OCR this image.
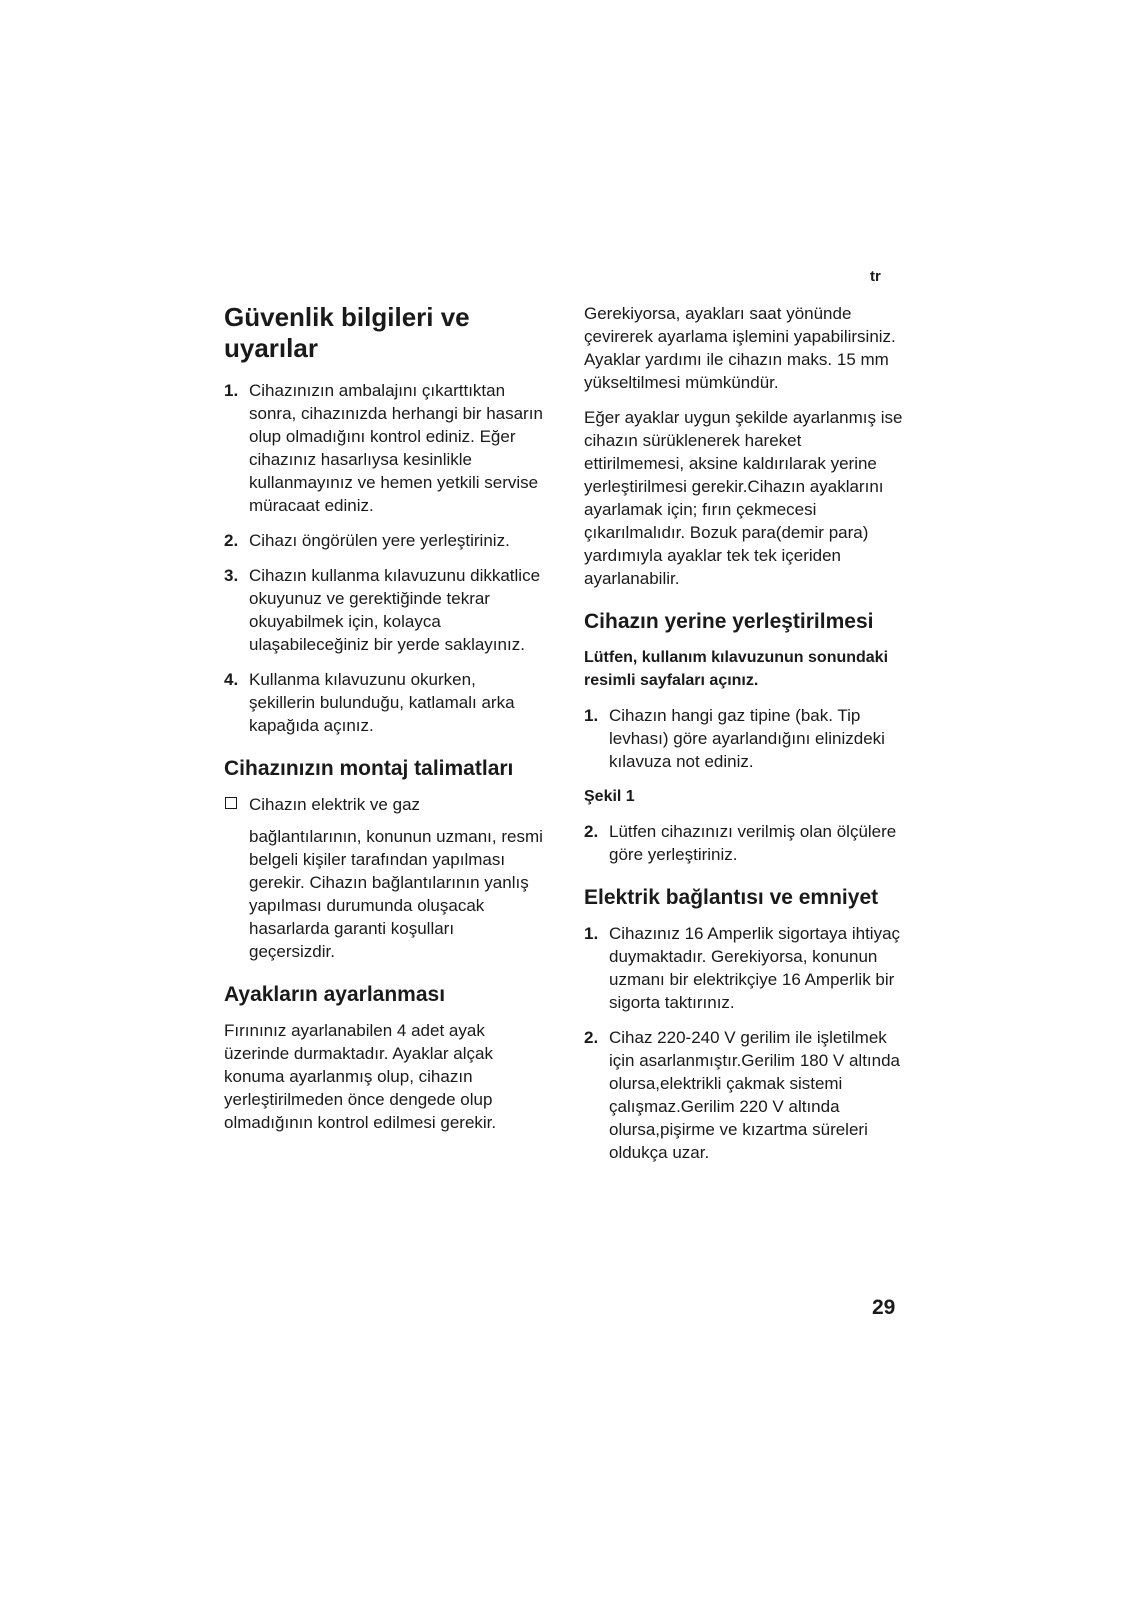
tr
Güvenlik bilgileri ve uyarılar
1. Cihazınızın ambalajını çıkarttıktan sonra, cihazınızda herhangi bir hasarın olup olmadığını kontrol ediniz. Eğer cihazınız hasarlıysa kesinlikle kullanmayınız ve hemen yetkili servise müracaat ediniz.
2. Cihazı öngörülen yere yerleştiriniz.
3. Cihazın kullanma kılavuzunu dikkatlice okuyunuz ve gerektiğinde tekrar okuyabilmek için, kolayca ulaşabileceğiniz bir yerde saklayınız.
4. Kullanma kılavuzunu okurken, şekillerin bulunduğu, katlamalı arka kapağıda açınız.
Cihazınızın montaj talimatları
Cihazın elektrik ve gaz
bağlantılarının, konunun uzmanı, resmi belgeli kişiler tarafından yapılması gerekir. Cihazın bağlantılarının yanlış yapılması durumunda oluşacak hasarlarda garanti koşulları geçersizdir.
Ayakların ayarlanması

Fırınınız ayarlanabilen 4 adet ayak üzerinde durmaktadır. Ayaklar alçak konuma ayarlanmış olup, cihazın yerleştirilmeden önce dengede olup olmadığının kontrol edilmesi gerekir.

Gerekiyorsa, ayakları saat yönünde çevirerek ayarlama işlemini yapabilirsiniz. Ayaklar yardımı ile cihazın maks. 15 mm yükseltilmesi mümkündür.

Eğer ayaklar uygun şekilde ayarlanmış ise cihazın sürüklenerek hareket ettirilmemesi, aksine kaldırılarak yerine yerleştirilmesi gerekir.Cihazın ayaklarını ayarlamak için; fırın çekmecesi çıkarılmalıdır. Bozuk para(demir para) yardımıyla ayaklar tek tek içeriden ayarlanabilir.

Cihazın yerine yerleştirilmesi

Lütfen, kullanım kılavuzunun sonundaki resimli sayfaları açınız.

1. Cihazın hangi gaz tipine (bak. Tip levhası) göre ayarlandığını elinizdeki kılavuza not ediniz.

Şekil 1

2. Lütfen cihazınızı verilmiş olan ölçülere göre yerleştiriniz.
Elektrik bağlantısı ve emniyet
1. Cihazınız 16 Amperlik sigortaya ihtiyaç duymaktadır. Gerekiyorsa, konunun uzmanı bir elektrikçiye 16 Amperlik bir sigorta taktırınız.
2. Cihaz 220-240 V gerilim ile işletilmek için asarlanmıştır.Gerilim 180 V altında olursa,elektrikli çakmak sistemi çalışmaz.Gerilim 220 V altında olursa,pişirme ve kızartma süreleri oldukça uzar.
29
